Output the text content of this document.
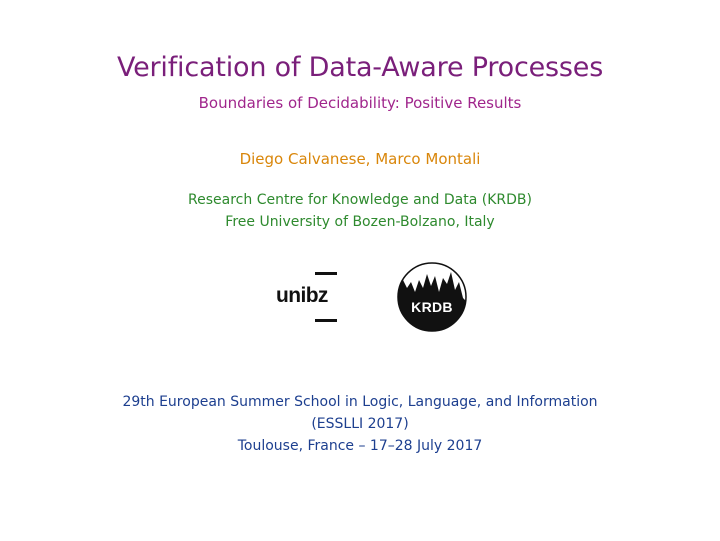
Verification of Data-Aware Processes
Boundaries of Decidability: Positive Results
Diego Calvanese, Marco Montali
Research Centre for Knowledge and Data (KRDB)
Free University of Bozen-Bolzano, Italy
unibz	KRDB
29th European Summer School in Logic, Language, and Information
(ESSLLI 2017)
Toulouse, France – 17–28 July 2017
